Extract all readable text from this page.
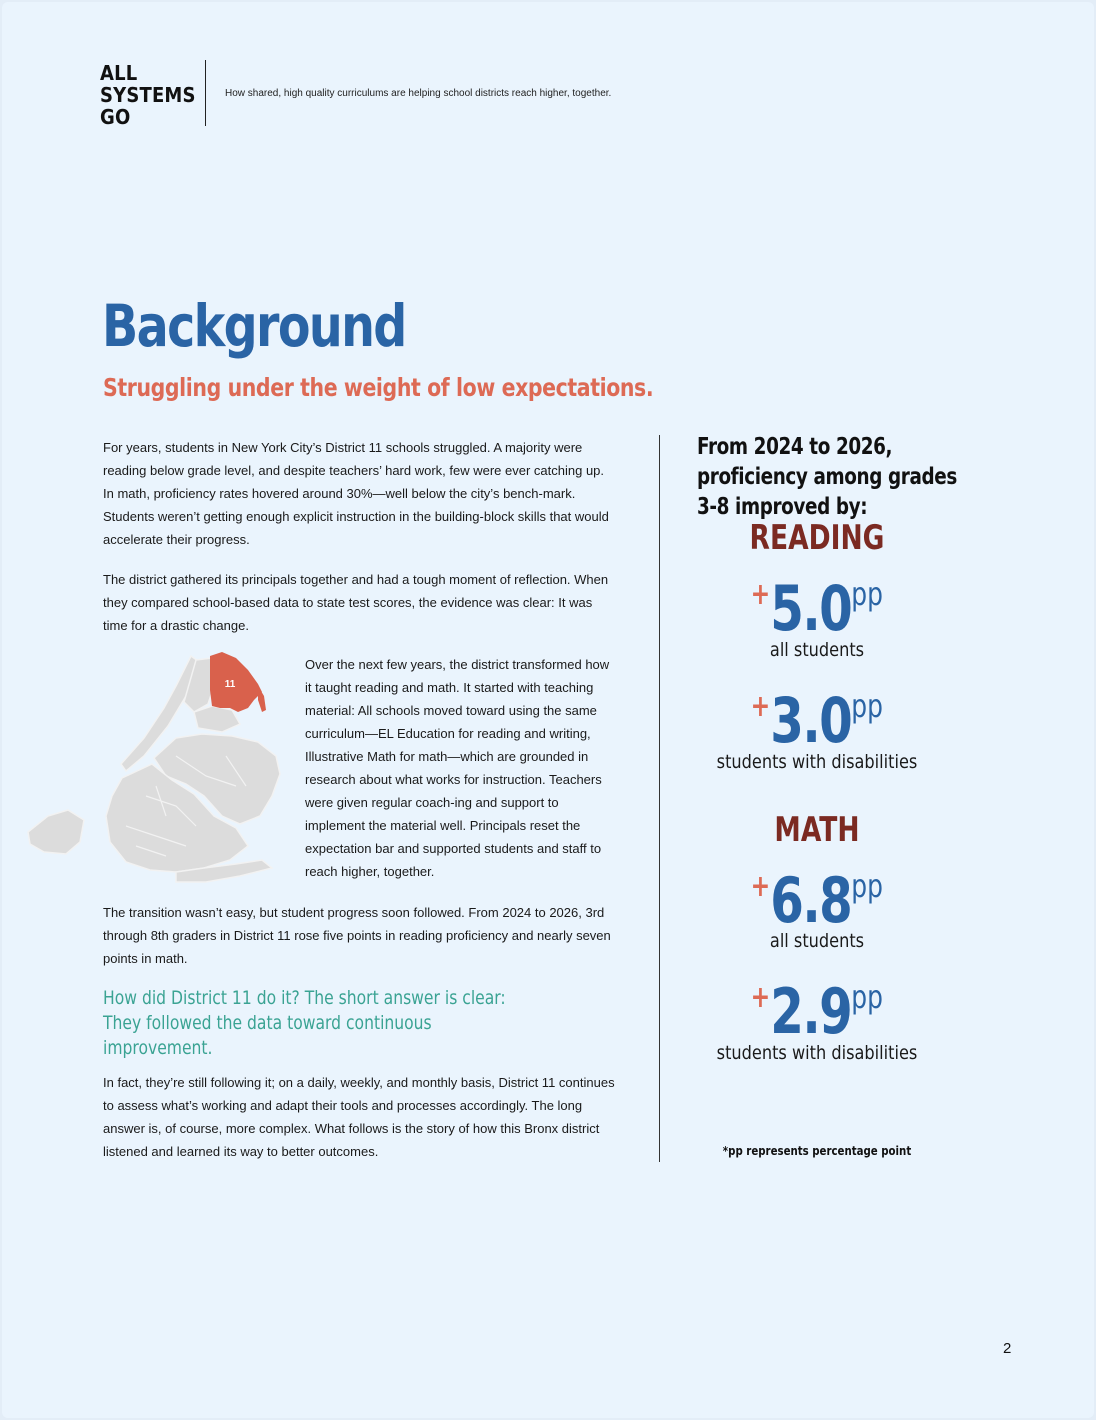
ALL
SYSTEMS
GO
How shared, high quality curriculums are helping school districts reach higher, together.
Background
Struggling under the weight of low expectations.

For years, students in New York City’s District 11 schools struggled. A majority were reading below grade level, and despite teachers’ hard work, few were ever catching up. In math, proficiency rates hovered around 30%—well below the city’s bench-mark. Students weren’t getting enough explicit instruction in the building-block skills that would accelerate their progress.

The district gathered its principals together and had a tough moment of reflection. When they compared school-based data to state test scores, the evidence was clear: It was time for a drastic change.

11

Over the next few years, the district transformed how it taught reading and math. It started with teaching material: All schools moved toward using the same curriculum—EL Education for reading and writing, Illustrative Math for math—which are grounded in research about what works for instruction. Teachers were given regular coach-ing and support to implement the material well. Principals reset the expectation bar and supported students and staff to reach higher, together.

The transition wasn’t easy, but student progress soon followed. From 2024 to 2026, 3rd through 8th graders in District 11 rose five points in reading proficiency and nearly seven points in math.

How did District 11 do it? The short answer is clear: They followed the data toward continuous improvement.

In fact, they’re still following it; on a daily, weekly, and monthly basis, District 11 continues to assess what’s working and adapt their tools and processes accordingly. The long answer is, of course, more complex. What follows is the story of how this Bronx district listened and learned its way to better outcomes.

From 2024 to 2026, proficiency among grades 3-8 improved by:
READING
+5.0pp
all students
+3.0pp
students with disabilities
MATH
+6.8pp
all students
+2.9pp
students with disabilities
*pp represents percentage point
2
